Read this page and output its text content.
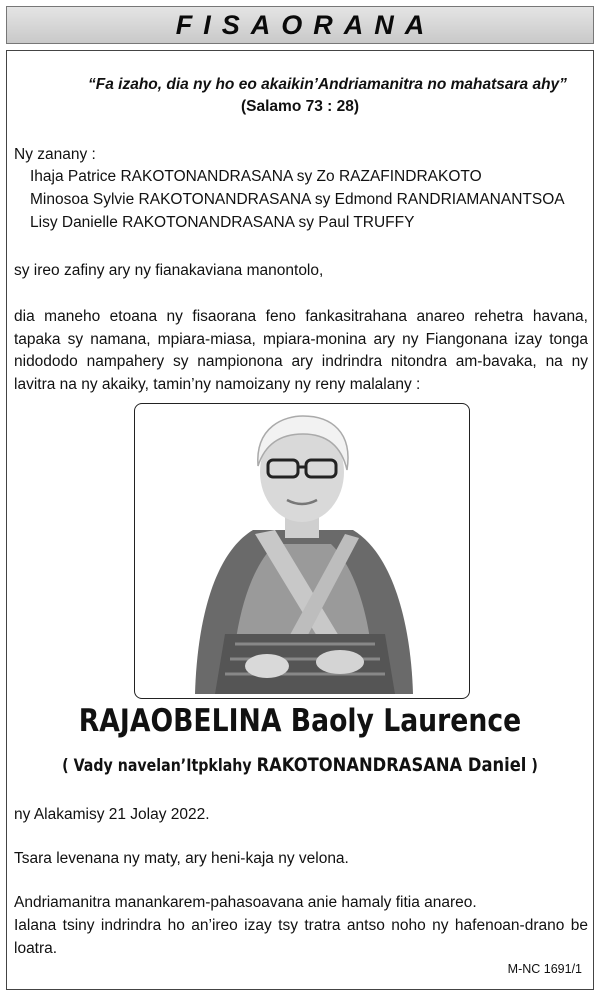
FISAORANA
“Fa izaho, dia ny ho eo akaikin’Andriamanitra no mahatsara ahy”
(Salamo 73 : 28)
Ny zanany :
Ihaja Patrice RAKOTONANDRASANA sy Zo RAZAFINDRAKOTO
Minosoa Sylvie RAKOTONANDRASANA sy Edmond RANDRIAMANANTSOA
Lisy Danielle RAKOTONANDRASANA sy Paul TRUFFY
sy ireo zafiny ary ny fianakaviana manontolo,
dia maneho etoana ny fisaorana feno fankasitrahana anareo rehetra havana, tapaka sy namana, mpiara-miasa, mpiara-monina ary ny Fiangonana izay tonga nidododo nampahery sy nampionona ary indrindra nitondra am-bavaka, na ny lavitra na ny akaiky, tamin’ny namoizany ny reny malalany :
RAJAOBELINA Baoly Laurence
( Vady navelan’Itpklahy RAKOTONANDRASANA Daniel )
ny Alakamisy 21 Jolay 2022.
Tsara levenana ny maty, ary heni-kaja ny velona.
Andriamanitra manankarem-pahasoavana anie hamaly fitia anareo.
Ialana tsiny indrindra ho an’ireo izay tsy tratra antso noho ny hafenoan-drano be loatra.
M-NC 1691/1
